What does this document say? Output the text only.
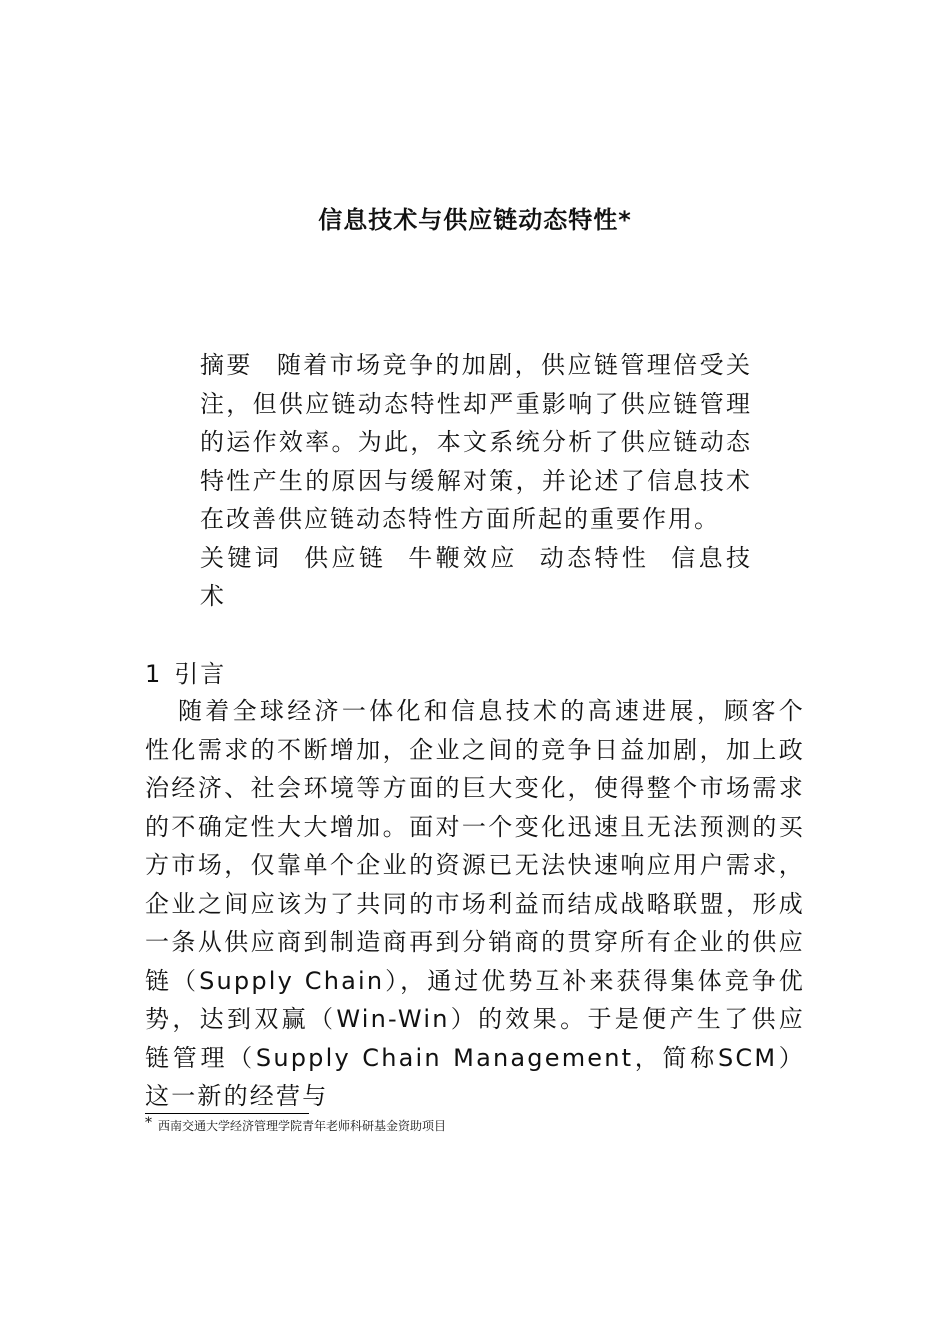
信息技术与供应链动态特性*

摘要 随着市场竞争的加剧，供应链管理倍受关注，但供应链动态特性却严重影响了供应链管理的运作效率。为此，本文系统分析了供应链动态特性产生的原因与缓解对策，并论述了信息技术在改善供应链动态特性方面所起的重要作用。

关键词 供应链 牛鞭效应 动态特性 信息技术

1 引言

随着全球经济一体化和信息技术的高速进展，顾客个性化需求的不断增加，企业之间的竞争日益加剧，加上政治经济、社会环境等方面的巨大变化，使得整个市场需求的不确定性大大增加。面对一个变化迅速且无法预测的买方市场，仅靠单个企业的资源已无法快速响应用户需求，企业之间应该为了共同的市场利益而结成战略联盟，形成一条从供应商到制造商再到分销商的贯穿所有企业的供应链（Supply Chain），通过优势互补来获得集体竞争优势，达到双赢（Win-Win）的效果。于是便产生了供应链管理（Supply Chain Management，简称SCM）这一新的经营与

* 西南交通大学经济管理学院青年老师科研基金资助项目
